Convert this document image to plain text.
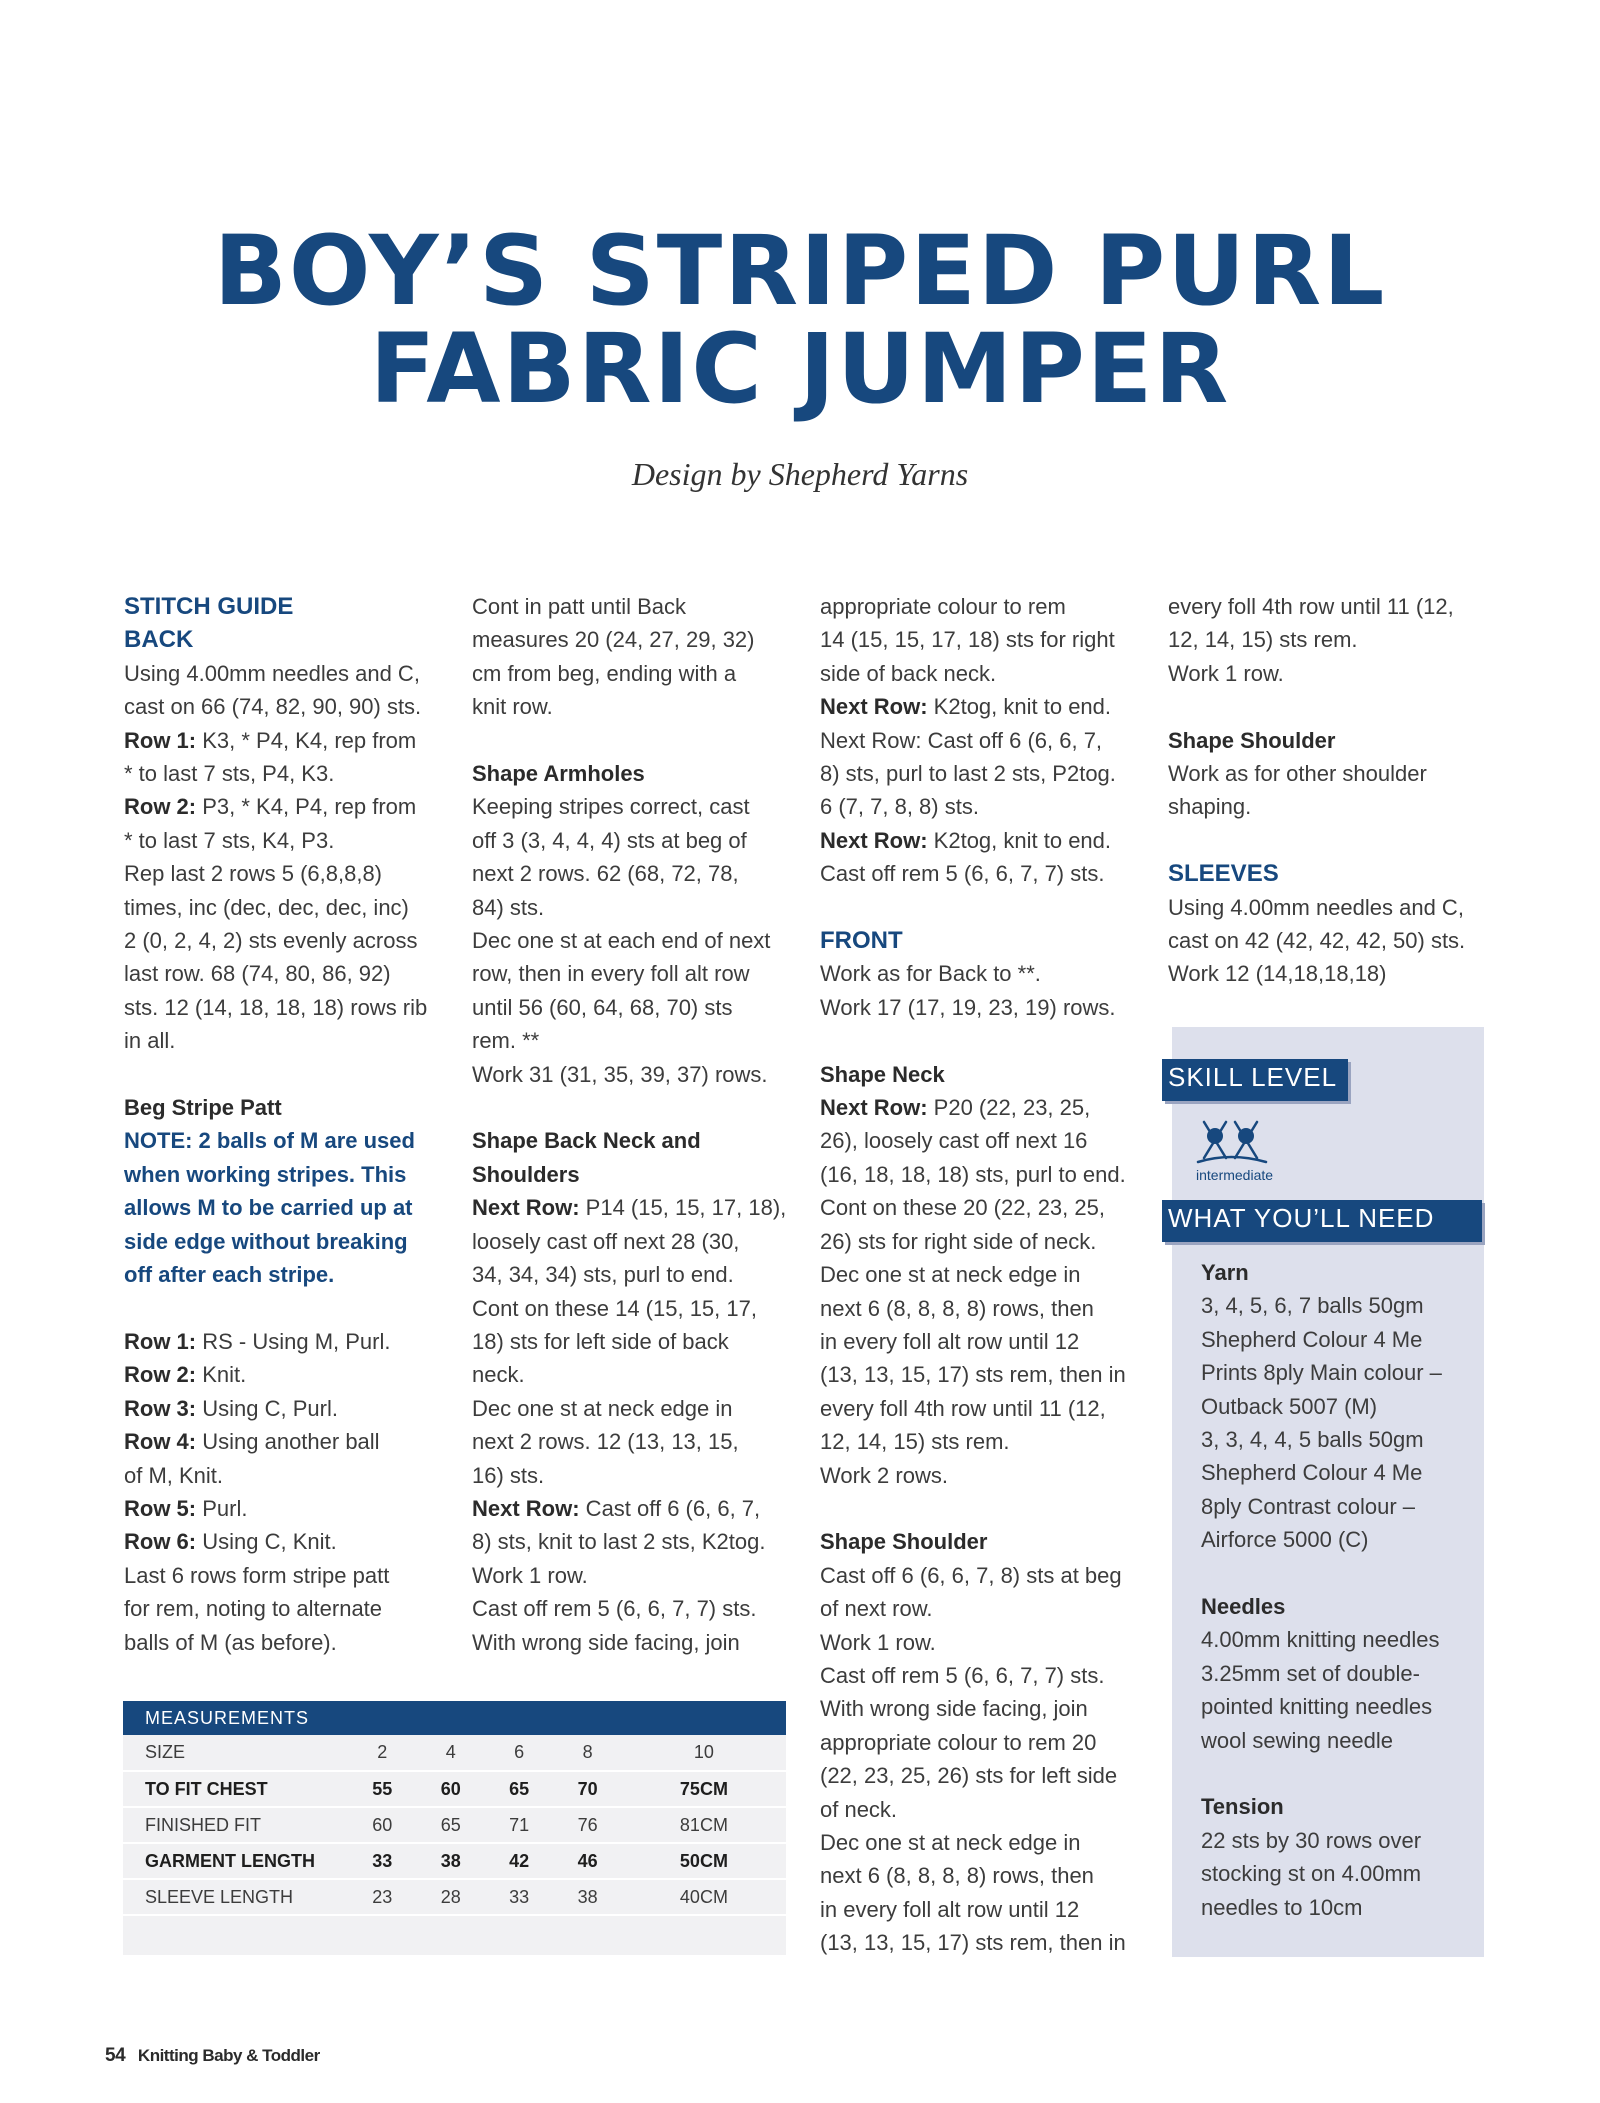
BOY’S STRIPED PURL
FABRIC JUMPER
Design by Shepherd Yarns

STITCH GUIDE

BACK

Using 4.00mm needles and C,
cast on 66 (74, 82, 90, 90) sts.

Row 1: K3, * P4, K4, rep from
* to last 7 sts, P4, K3.

Row 2: P3, * K4, P4, rep from
* to last 7 sts, K4, P3.

Rep last 2 rows 5 (6,8,8,8)
times, inc (dec, dec, dec, inc)
2 (0, 2, 4, 2) sts evenly across
last row. 68 (74, 80, 86, 92)
sts. 12 (14, 18, 18, 18) rows rib
in all.

Beg Stripe Patt

NOTE: 2 balls of M are used
when working stripes. This
allows M to be carried up at
side edge without breaking
off after each stripe.

Row 1: RS - Using M, Purl.

Row 2: Knit.

Row 3: Using C, Purl.

Row 4: Using another ball
of M, Knit.

Row 5: Purl.

Row 6: Using C, Knit.

Last 6 rows form stripe patt
for rem, noting to alternate
balls of M (as before).

Cont in patt until Back
measures 20 (24, 27, 29, 32)
cm from beg, ending with a
knit row.

Shape Armholes

Keeping stripes correct, cast
off 3 (3, 4, 4, 4) sts at beg of
next 2 rows. 62 (68, 72, 78,
84) sts.
Dec one st at each end of next
row, then in every foll alt row
until 56 (60, 64, 68, 70) sts
rem. **
Work 31 (31, 35, 39, 37) rows.

Shape Back Neck and
Shoulders

Next Row: P14 (15, 15, 17, 18),
loosely cast off next 28 (30,
34, 34, 34) sts, purl to end.

Cont on these 14 (15, 15, 17,
18) sts for left side of back
neck.
Dec one st at neck edge in
next 2 rows. 12 (13, 13, 15,
16) sts.

Next Row: Cast off 6 (6, 6, 7,
8) sts, knit to last 2 sts, K2tog.

Work 1 row.
Cast off rem 5 (6, 6, 7, 7) sts.
With wrong side facing, join

appropriate colour to rem
14 (15, 15, 17, 18) sts for right
side of back neck.

Next Row: K2tog, knit to end.

Next Row: Cast off 6 (6, 6, 7,
8) sts, purl to last 2 sts, P2tog.
6 (7, 7, 8, 8) sts.

Next Row: K2tog, knit to end.

Cast off rem 5 (6, 6, 7, 7) sts.

FRONT

Work as for Back to **.
Work 17 (17, 19, 23, 19) rows.

Shape Neck

Next Row: P20 (22, 23, 25,
26), loosely cast off next 16
(16, 18, 18, 18) sts, purl to end.

Cont on these 20 (22, 23, 25,
26) sts for right side of neck.
Dec one st at neck edge in
next 6 (8, 8, 8, 8) rows, then
in every foll alt row until 12
(13, 13, 15, 17) sts rem, then in
every foll 4th row until 11 (12,
12, 14, 15) sts rem.
Work 2 rows.

Shape Shoulder

Cast off 6 (6, 6, 7, 8) sts at beg
of next row.
Work 1 row.
Cast off rem 5 (6, 6, 7, 7) sts.
With wrong side facing, join
appropriate colour to rem 20
(22, 23, 25, 26) sts for left side
of neck.
Dec one st at neck edge in
next 6 (8, 8, 8, 8) rows, then
in every foll alt row until 12
(13, 13, 15, 17) sts rem, then in

every foll 4th row until 11 (12,
12, 14, 15) sts rem.
Work 1 row.

Shape Shoulder

Work as for other shoulder
shaping.

SLEEVES

Using 4.00mm needles and C,
cast on 42 (42, 42, 42, 50) sts.
Work 12 (14,18,18,18)

SKILL LEVEL
intermediate
WHAT YOU’LL NEED

Yarn

3, 4, 5, 6, 7 balls 50gm
Shepherd Colour 4 Me
Prints 8ply Main colour –
Outback 5007 (M)
3, 3, 4, 4, 5 balls 50gm
Shepherd Colour 4 Me
8ply Contrast colour –
Airforce 5000 (C)

Needles

4.00mm knitting needles
3.25mm set of double-
pointed knitting needles
wool sewing needle

Tension

22 sts by 30 rows over
stocking st on 4.00mm
needles to 10cm

MEASUREMENTS
SIZE	2	4	6	8	10
TO FIT CHEST	55	60	65	70	75CM
FINISHED FIT	60	65	71	76	81CM
GARMENT LENGTH	33	38	42	46	50CM
SLEEVE LENGTH	23	28	33	38	40CM
54 Knitting Baby & Toddler
